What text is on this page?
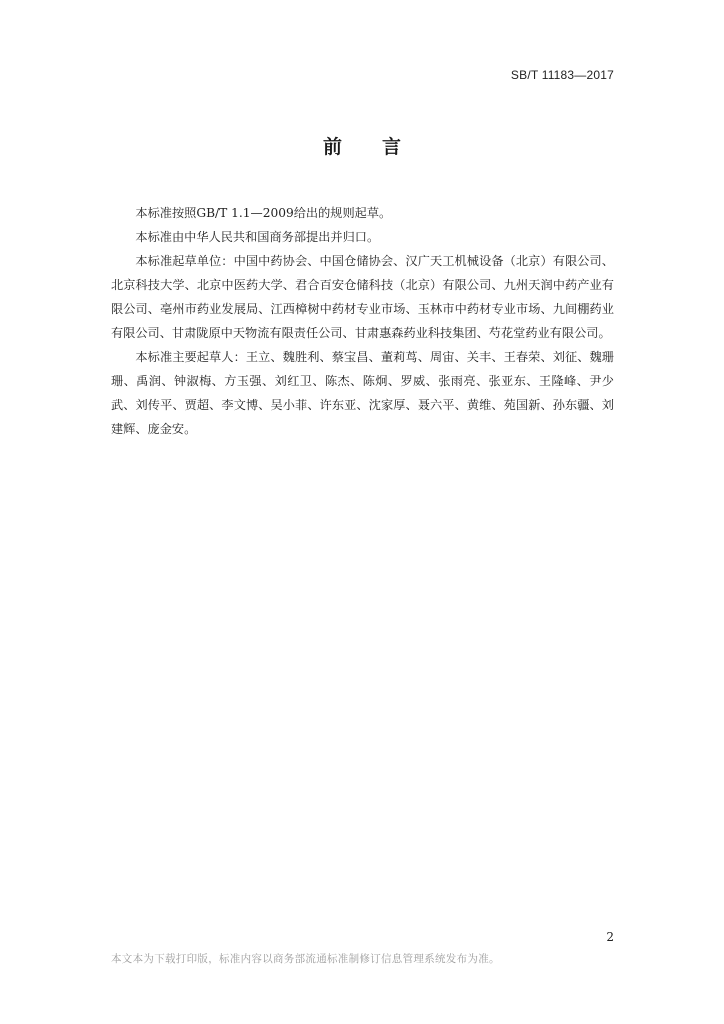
SB/T 11183—2017
前言

本标准按照GB/T 1.1—2009给出的规则起草。

本标准由中华人民共和国商务部提出并归口。

本标准起草单位：中国中药协会、中国仓储协会、汉广天工机械设备（北京）有限公司、北京科技大学、北京中医药大学、君合百安仓储科技（北京）有限公司、九州天润中药产业有限公司、亳州市药业发展局、江西樟树中药材专业市场、玉林市中药材专业市场、九间棚药业有限公司、甘肃陇原中天物流有限责任公司、甘肃惠森药业科技集团、芍花堂药业有限公司。

本标准主要起草人：王立、魏胜利、蔡宝昌、董莉茑、周宙、关丰、王春荣、刘征、魏珊珊、禹润、钟淑梅、方玉强、刘红卫、陈杰、陈炯、罗威、张雨亮、张亚东、王隆峰、尹少武、刘传平、贾超、李文博、吴小菲、许东亚、沈家厚、聂六平、黄维、苑国新、孙东疆、刘建辉、庞金安。

2
本文本为下载打印版，标准内容以商务部流通标准制修订信息管理系统发布为准。
